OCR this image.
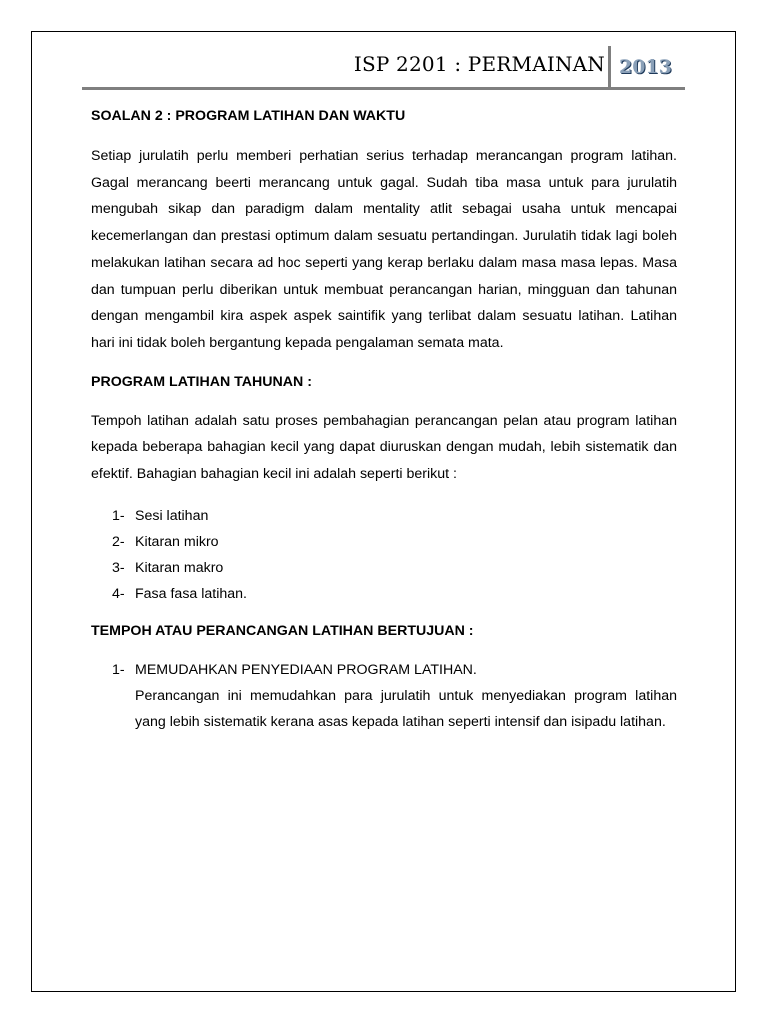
ISP 2201 : PERMAINAN 2013

SOALAN 2 : PROGRAM LATIHAN DAN WAKTU

Setiap jurulatih perlu memberi perhatian serius terhadap merancangan program latihan. Gagal merancang beerti merancang untuk gagal. Sudah tiba masa untuk para jurulatih mengubah sikap dan paradigm dalam mentality atlit sebagai usaha untuk mencapai kecemerlangan dan prestasi optimum dalam sesuatu pertandingan. Jurulatih tidak lagi boleh melakukan latihan secara ad hoc seperti yang kerap berlaku dalam masa masa lepas. Masa dan tumpuan perlu diberikan untuk membuat perancangan harian, mingguan dan tahunan dengan mengambil kira aspek aspek saintifik yang terlibat dalam sesuatu latihan. Latihan hari ini tidak boleh bergantung kepada pengalaman semata mata.

PROGRAM LATIHAN TAHUNAN :

Tempoh latihan adalah satu proses pembahagian perancangan pelan atau program latihan kepada beberapa bahagian kecil yang dapat diuruskan dengan mudah, lebih sistematik dan efektif. Bahagian bahagian kecil ini adalah seperti berikut :

1- Sesi latihan
2- Kitaran mikro
3- Kitaran makro
4- Fasa fasa latihan.

TEMPOH ATAU PERANCANGAN LATIHAN BERTUJUAN :

1- MEMUDAHKAN PENYEDIAAN PROGRAM LATIHAN.

Perancangan ini memudahkan para jurulatih untuk menyediakan program latihan yang lebih sistematik kerana asas kepada latihan seperti intensif dan isipadu latihan.
